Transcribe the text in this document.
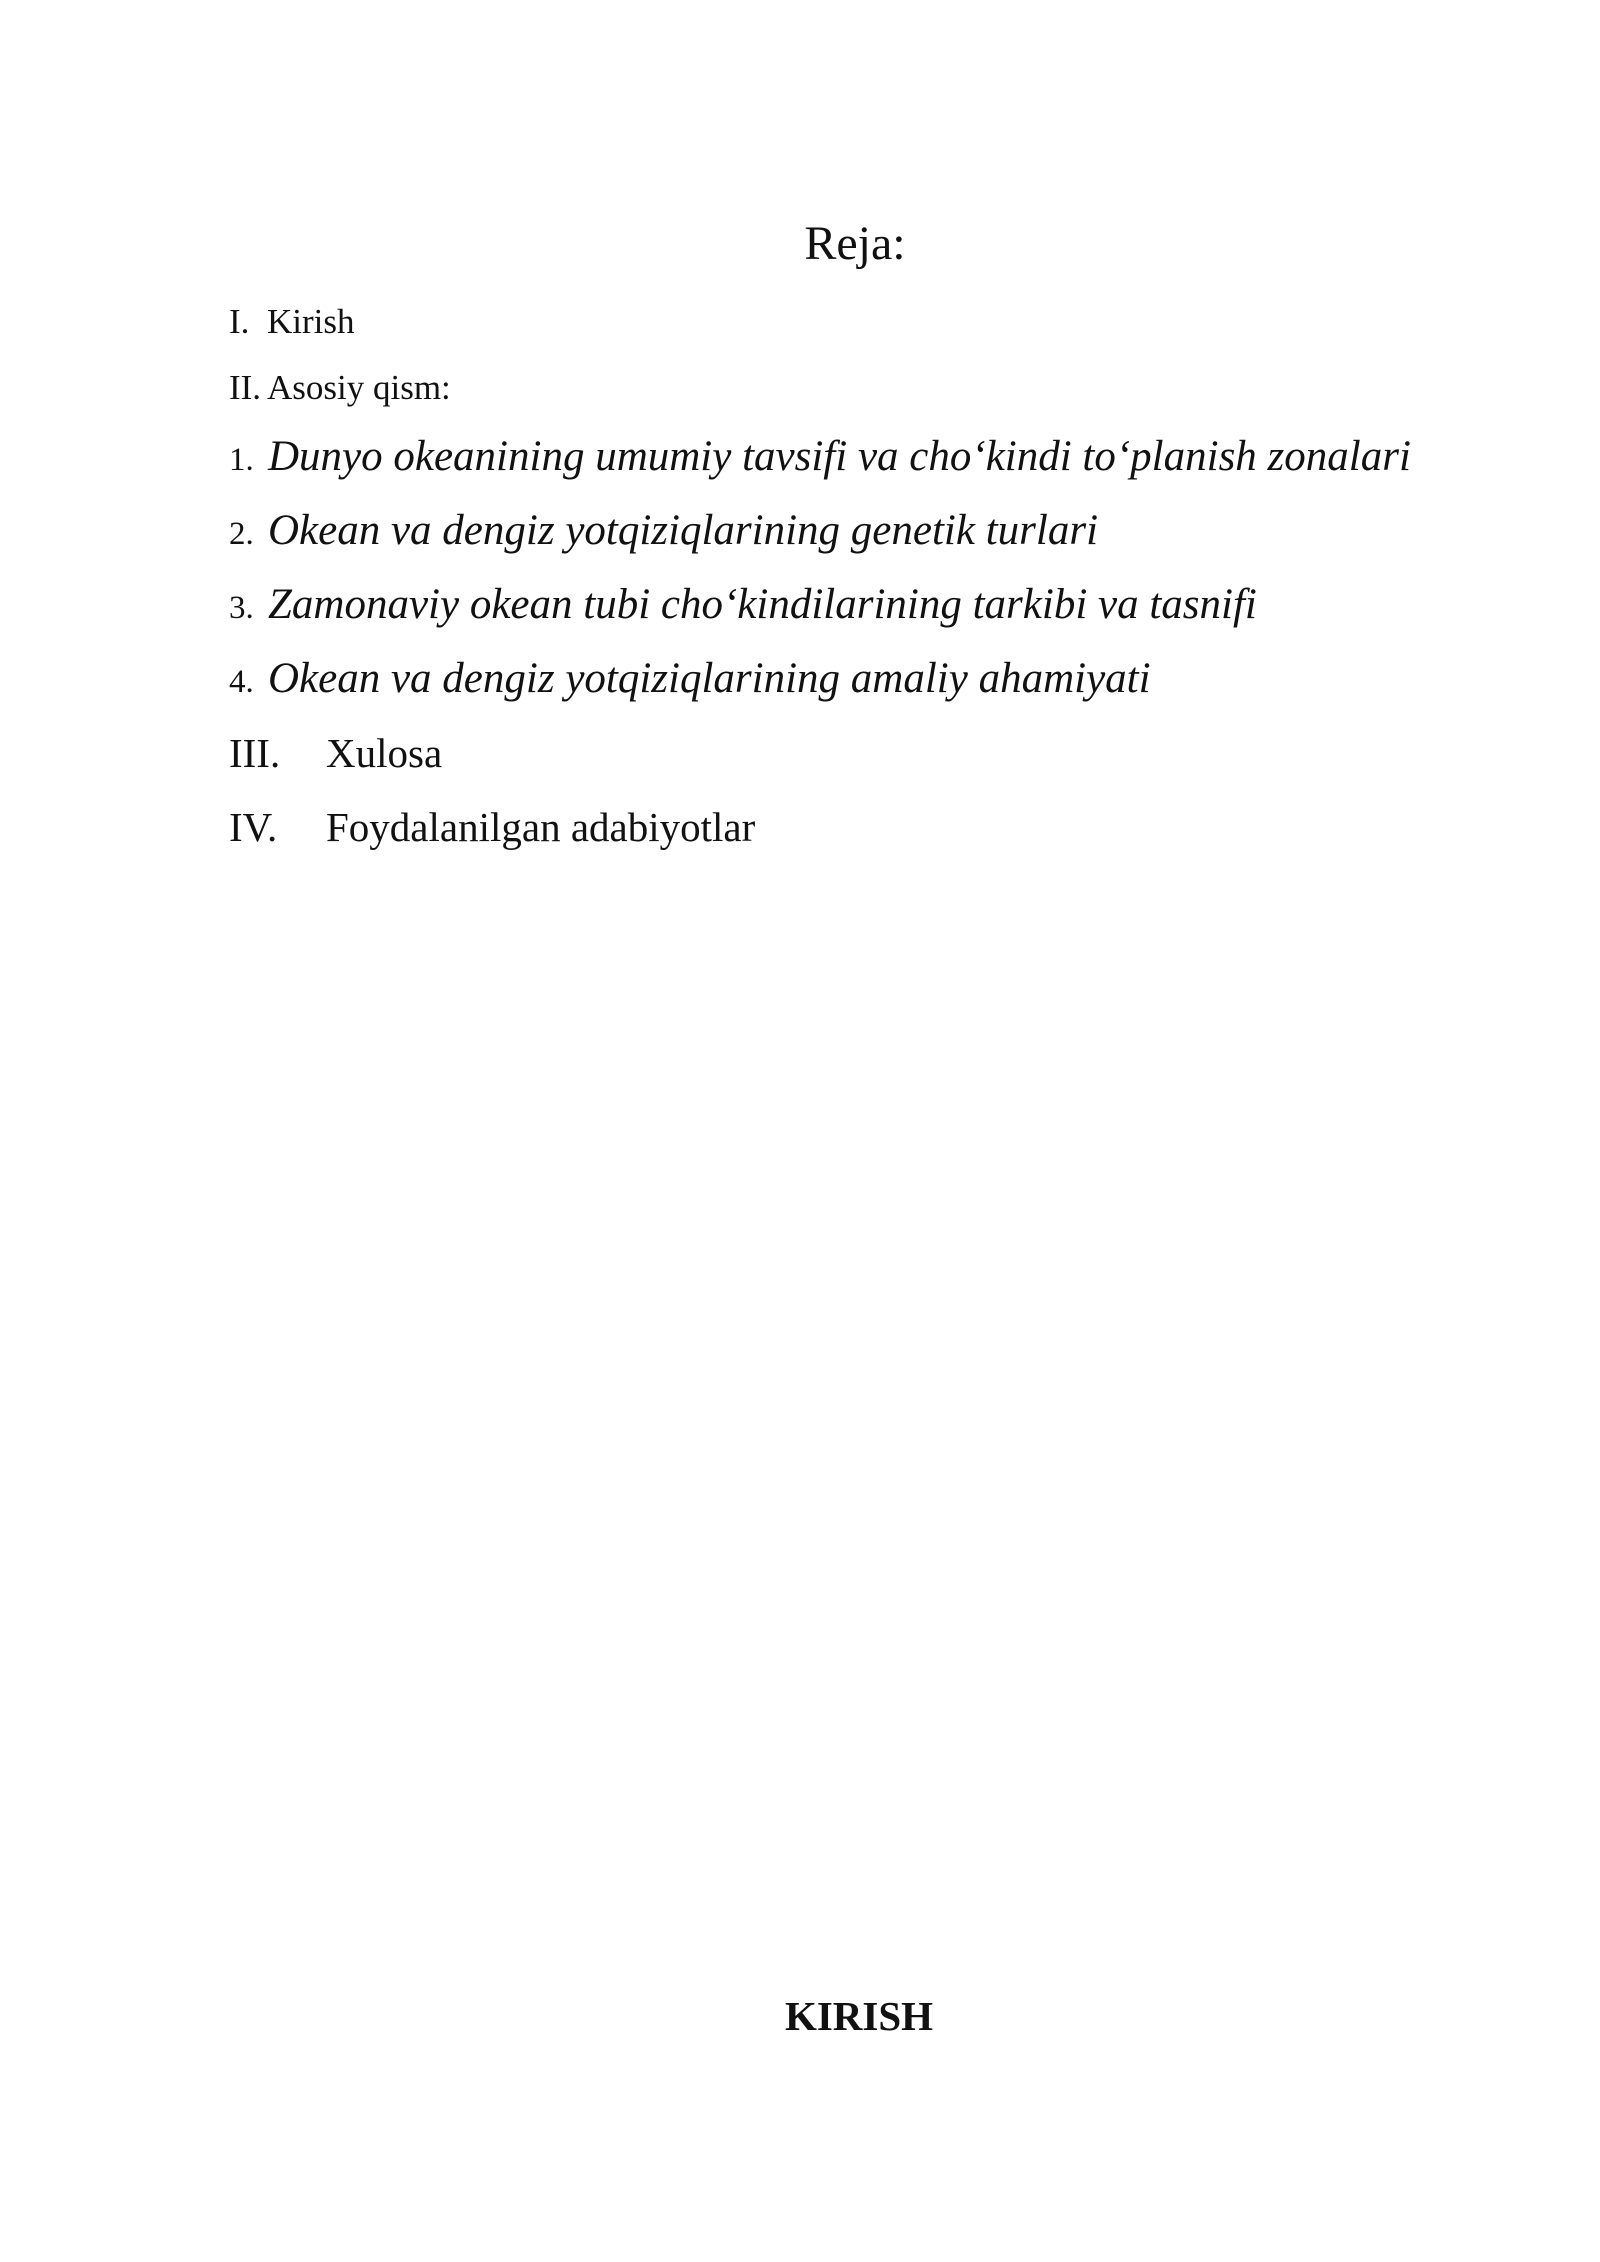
Reja:
I. Kirish
II. Asosiy qism:
1. Dunyo okeanining umumiy tavsifi va cho‘kindi to‘planish zonalari
2. Okean va dengiz yotqiziqlarining genetik turlari
3. Zamonaviy okean tubi cho‘kindilarining tarkibi va tasnifi
4. Okean va dengiz yotqiziqlarining amaliy ahamiyati
III. Xulosa
IV. Foydalanilgan adabiyotlar
KIRISH
